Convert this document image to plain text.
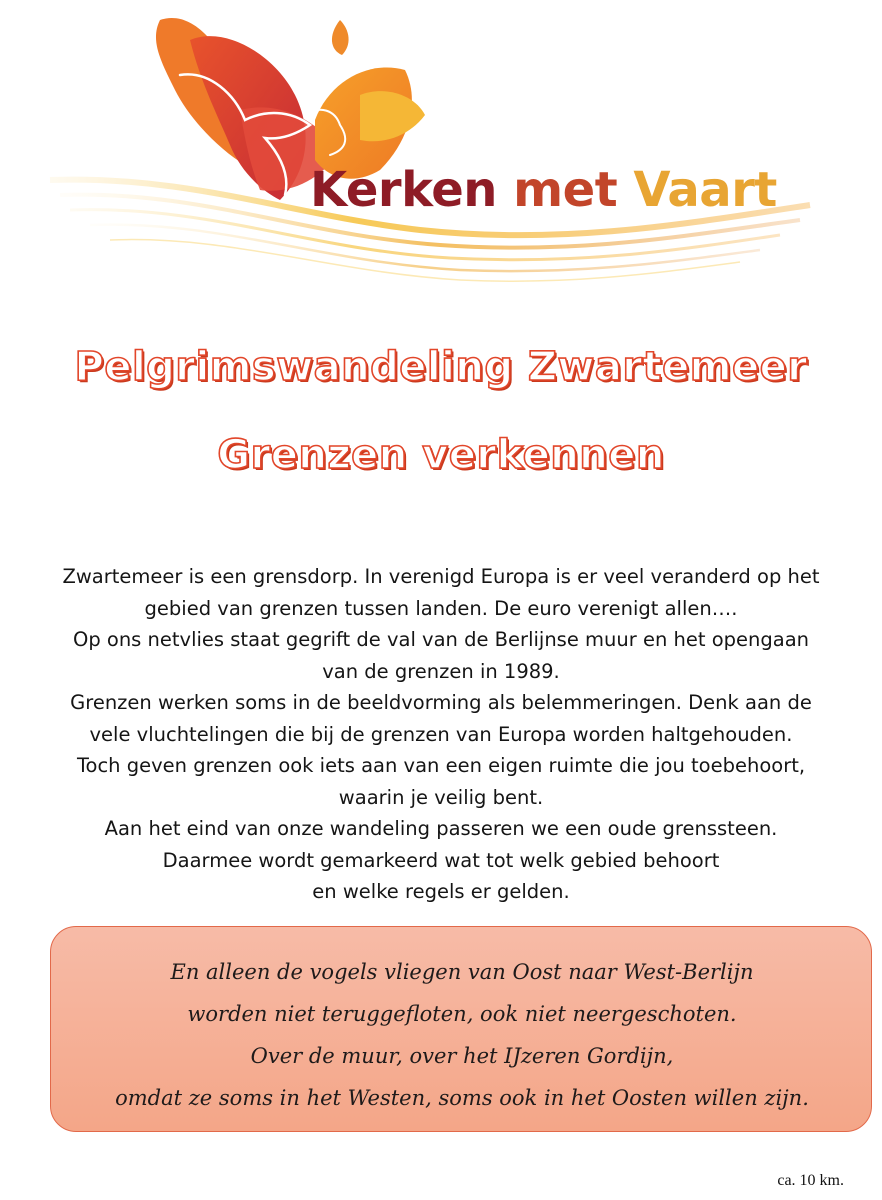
Kerken met Vaart
Pelgrimswandeling Zwartemeer
Grenzen verkennen

Zwartemeer is een grensdorp. In verenigd Europa is er veel veranderd op het

gebied van grenzen tussen landen. De euro verenigt allen….

Op ons netvlies staat gegrift de val van de Berlijnse muur en het opengaan

van de grenzen in 1989.

Grenzen werken soms in de beeldvorming als belemmeringen. Denk aan de

vele vluchtelingen die bij de grenzen van Europa worden haltgehouden.

Toch geven grenzen ook iets aan van een eigen ruimte die jou toebehoort,

waarin je veilig bent.

Aan het eind van onze wandeling passeren we een oude grenssteen.

Daarmee wordt gemarkeerd wat tot welk gebied behoort

en welke regels er gelden.

En alleen de vogels vliegen van Oost naar West-Berlijn

worden niet teruggefloten, ook niet neergeschoten.

Over de muur, over het IJzeren Gordijn,

omdat ze soms in het Westen, soms ook in het Oosten willen zijn.

ca. 10 km.
